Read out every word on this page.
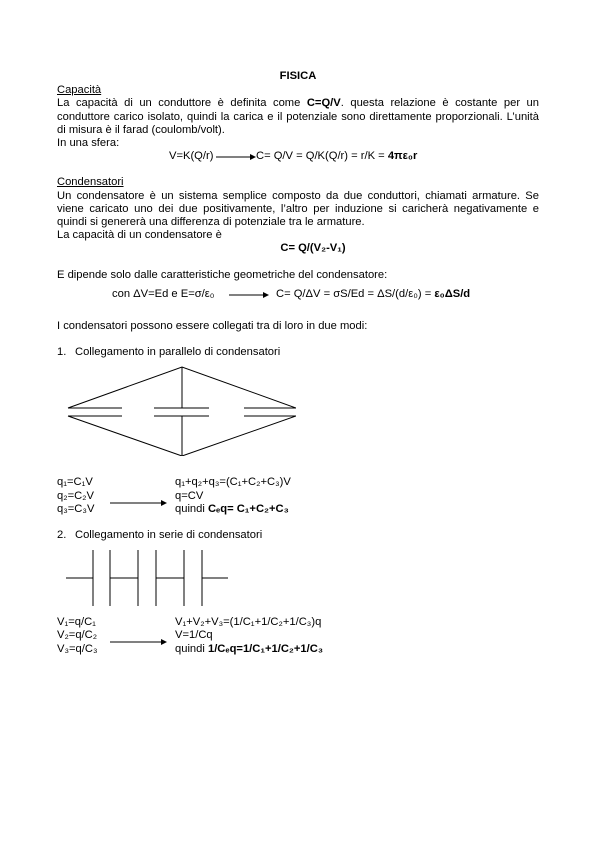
FISICA
Capacità
La capacità di un conduttore è definita come C=Q/V. questa relazione è costante per un conduttore carico isolato, quindi la carica e il potenziale sono direttamente proporzionali. L’unità di misura è il farad (coulomb/volt).
In una sfera:
V=K(Q/r)	C= Q/V = Q/K(Q/r) = r/K = 4πε₀r
Condensatori
Un condensatore è un sistema semplice composto da due conduttori, chiamati armature. Se viene caricato uno dei due positivamente, l’altro per induzione si caricherà negativamente e quindi si genererà una differenza di potenziale tra le armature.
La capacità di un condensatore è
C= Q/(V₂-V₁)
E dipende solo dalle caratteristiche geometriche del condensatore:
con ΔV=Ed e E=σ/ε₀	C= Q/ΔV = σS/Ed = ΔS/(d/ε₀) = ε₀ΔS/d
I condensatori possono essere collegati tra di loro in due modi:
1. Collegamento in parallelo di condensatori
q₁=C₁V	q₁+q₂+q₃=(C₁+C₂+C₃)V
q₂=C₂V	q=CV
q₃=C₃V	quindi Cₑq= C₁+C₂+C₃
2. Collegamento in serie di condensatori
V₁=q/C₁	V₁+V₂+V₃=(1/C₁+1/C₂+1/C₃)q
V₂=q/C₂	V=1/Cq
V₃=q/C₃	quindi 1/Cₑq=1/C₁+1/C₂+1/C₃
